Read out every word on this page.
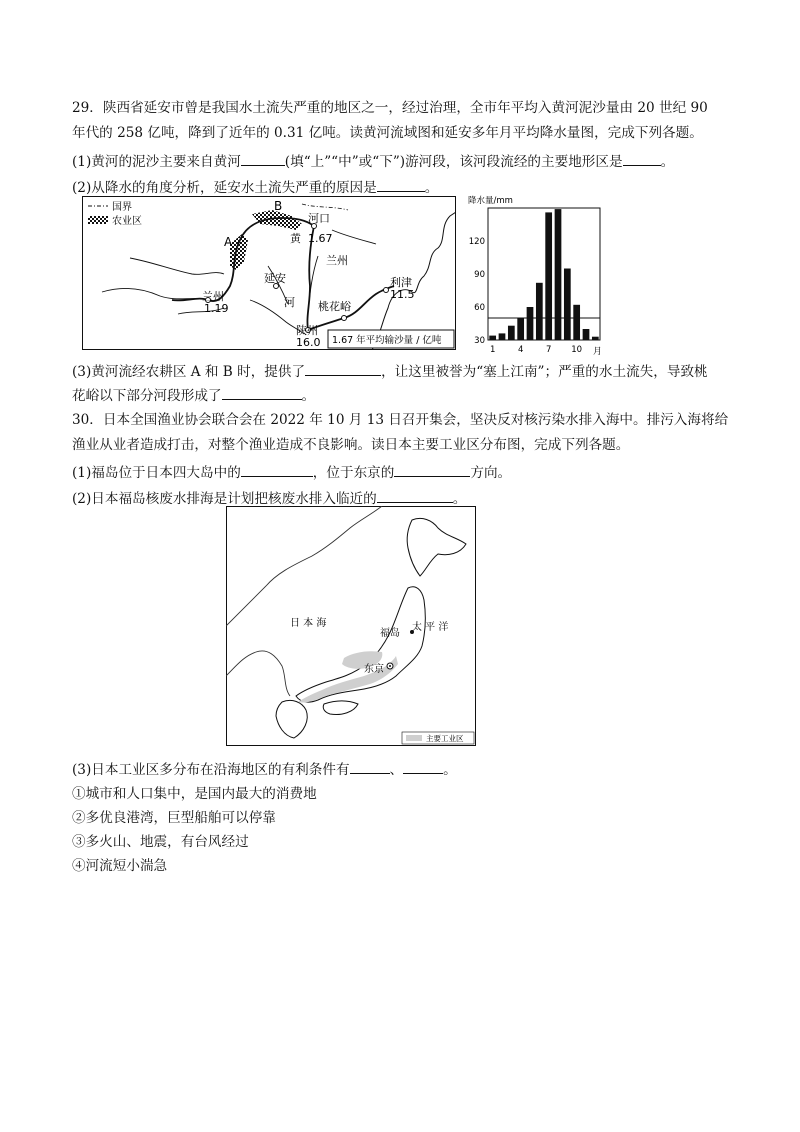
29．陕西省延安市曾是我国水土流失严重的地区之一，经过治理，全市年平均入黄河泥沙量由 20 世纪 90
年代的 258 亿吨，降到了近年的 0.31 亿吨。读黄河流域图和延安多年月平均降水量图，完成下列各题。
(1)黄河的泥沙主要来自黄河	(填“上”“中”或“下”)游河段，该河段流经的主要地形区是	。
(2)从降水的角度分析，延安水土流失严重的原因是	。
国界
农业区
A
B
黄
河
河口
1.67
兰州
兰州
1.19
延安
桃花峪
陕州
16.0
利津
11.5
1.67 年平均输沙量 / 亿吨
降水量/mm
30
60
90
120
1	4	7 10 月
(3)黄河流经农耕区 A 和 B 时，提供了	，让这里被誉为“塞上江南”；严重的水土流失，导致桃
花峪以下部分河段形成了	。
30．日本全国渔业协会联合会在 2022 年 10 月 13 日召开集会，坚决反对核污染水排入海中。排污入海将给
渔业从业者造成打击，对整个渔业造成不良影响。读日本主要工业区分布图，完成下列各题。
(1)福岛位于日本四大岛中的	，位于东京的	方向。
(2)日本福岛核废水排海是计划把核废水排入临近的	。
日 本 海	太 平 洋
福岛
东京
主要工业区
(3)日本工业区多分布在沿海地区的有利条件有	、	。
①城市和人口集中，是国内最大的消费地
②多优良港湾，巨型船舶可以停靠
③多火山、地震，有台风经过
④河流短小湍急
